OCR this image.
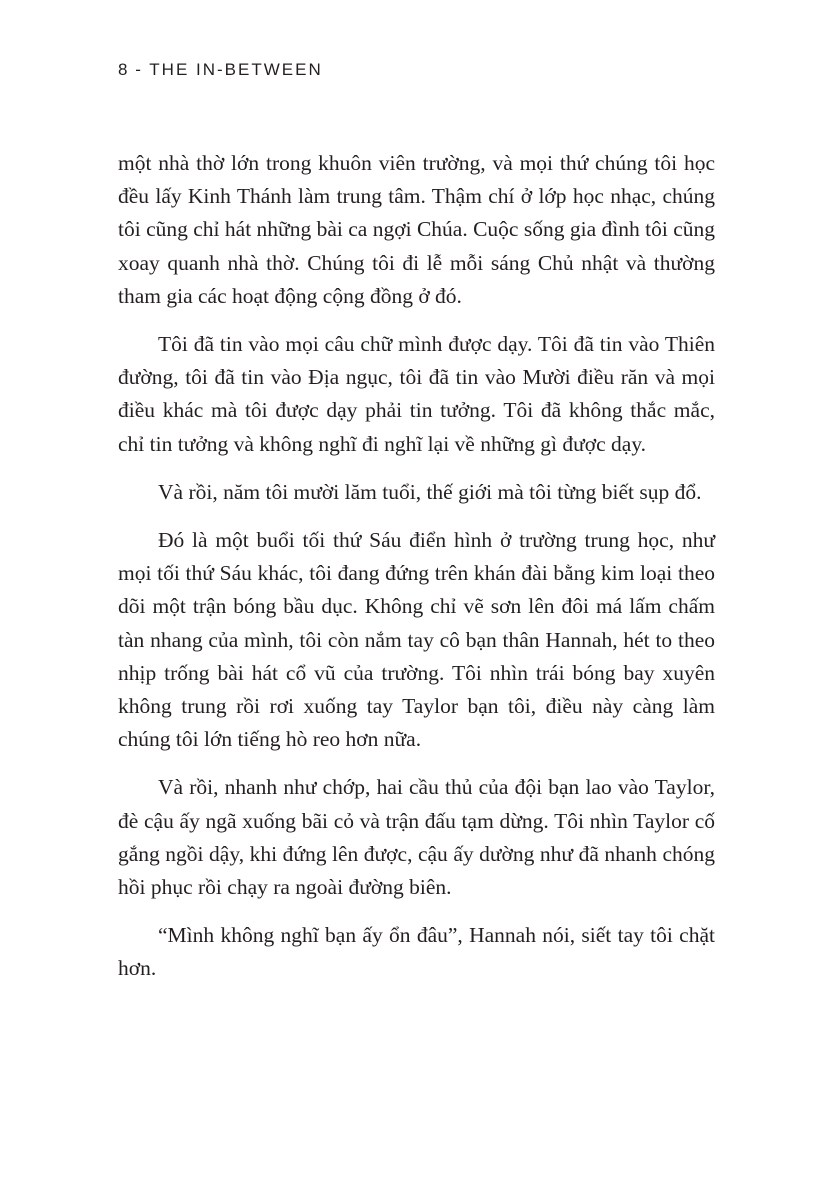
8 - THE IN-BETWEEN

một nhà thờ lớn trong khuôn viên trường, và mọi thứ chúng tôi học đều lấy Kinh Thánh làm trung tâm. Thậm chí ở lớp học nhạc, chúng tôi cũng chỉ hát những bài ca ngợi Chúa. Cuộc sống gia đình tôi cũng xoay quanh nhà thờ. Chúng tôi đi lễ mỗi sáng Chủ nhật và thường tham gia các hoạt động cộng đồng ở đó.

Tôi đã tin vào mọi câu chữ mình được dạy. Tôi đã tin vào Thiên đường, tôi đã tin vào Địa ngục, tôi đã tin vào Mười điều răn và mọi điều khác mà tôi được dạy phải tin tưởng. Tôi đã không thắc mắc, chỉ tin tưởng và không nghĩ đi nghĩ lại về những gì được dạy.

Và rồi, năm tôi mười lăm tuổi, thế giới mà tôi từng biết sụp đổ.

Đó là một buổi tối thứ Sáu điển hình ở trường trung học, như mọi tối thứ Sáu khác, tôi đang đứng trên khán đài bằng kim loại theo dõi một trận bóng bầu dục. Không chỉ vẽ sơn lên đôi má lấm chấm tàn nhang của mình, tôi còn nắm tay cô bạn thân Hannah, hét to theo nhịp trống bài hát cổ vũ của trường. Tôi nhìn trái bóng bay xuyên không trung rồi rơi xuống tay Taylor bạn tôi, điều này càng làm chúng tôi lớn tiếng hò reo hơn nữa.

Và rồi, nhanh như chớp, hai cầu thủ của đội bạn lao vào Taylor, đè cậu ấy ngã xuống bãi cỏ và trận đấu tạm dừng. Tôi nhìn Taylor cố gắng ngồi dậy, khi đứng lên được, cậu ấy dường như đã nhanh chóng hồi phục rồi chạy ra ngoài đường biên.

“Mình không nghĩ bạn ấy ổn đâu”, Hannah nói, siết tay tôi chặt hơn.
